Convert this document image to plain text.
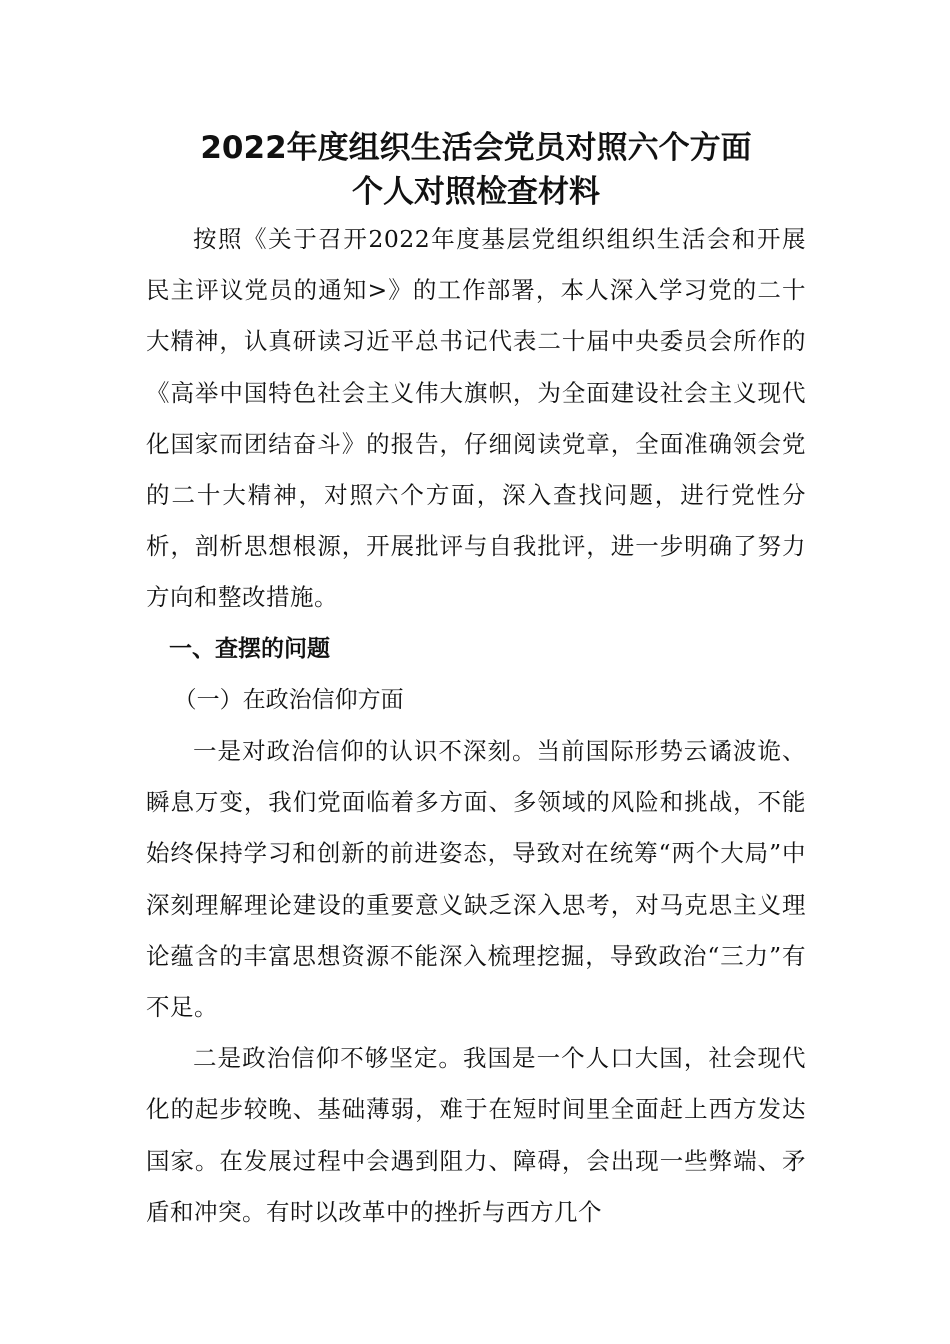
2022年度组织生活会党员对照六个方面
个人对照检查材料

按照《关于召开2022年度基层党组织组织生活会和开展民主评议党员的通知>》的工作部署，本人深入学习党的二十大精神，认真研读习近平总书记代表二十届中央委员会所作的《高举中国特色社会主义伟大旗帜，为全面建设社会主义现代化国家而团结奋斗》的报告，仔细阅读党章，全面准确领会党的二十大精神，对照六个方面，深入查找问题，进行党性分析，剖析思想根源，开展批评与自我批评，进一步明确了努力方向和整改措施。

一、查摆的问题

（一）在政治信仰方面

一是对政治信仰的认识不深刻。当前国际形势云谲波诡、瞬息万变，我们党面临着多方面、多领域的风险和挑战，不能始终保持学习和创新的前进姿态，导致对在统筹“两个大局”中深刻理解理论建设的重要意义缺乏深入思考，对马克思主义理论蕴含的丰富思想资源不能深入梳理挖掘，导致政治“三力”有不足。

二是政治信仰不够坚定。我国是一个人口大国，社会现代化的起步较晚、基础薄弱，难于在短时间里全面赶上西方发达国家。在发展过程中会遇到阻力、障碍，会出现一些弊端、矛盾和冲突。有时以改革中的挫折与西方几个
